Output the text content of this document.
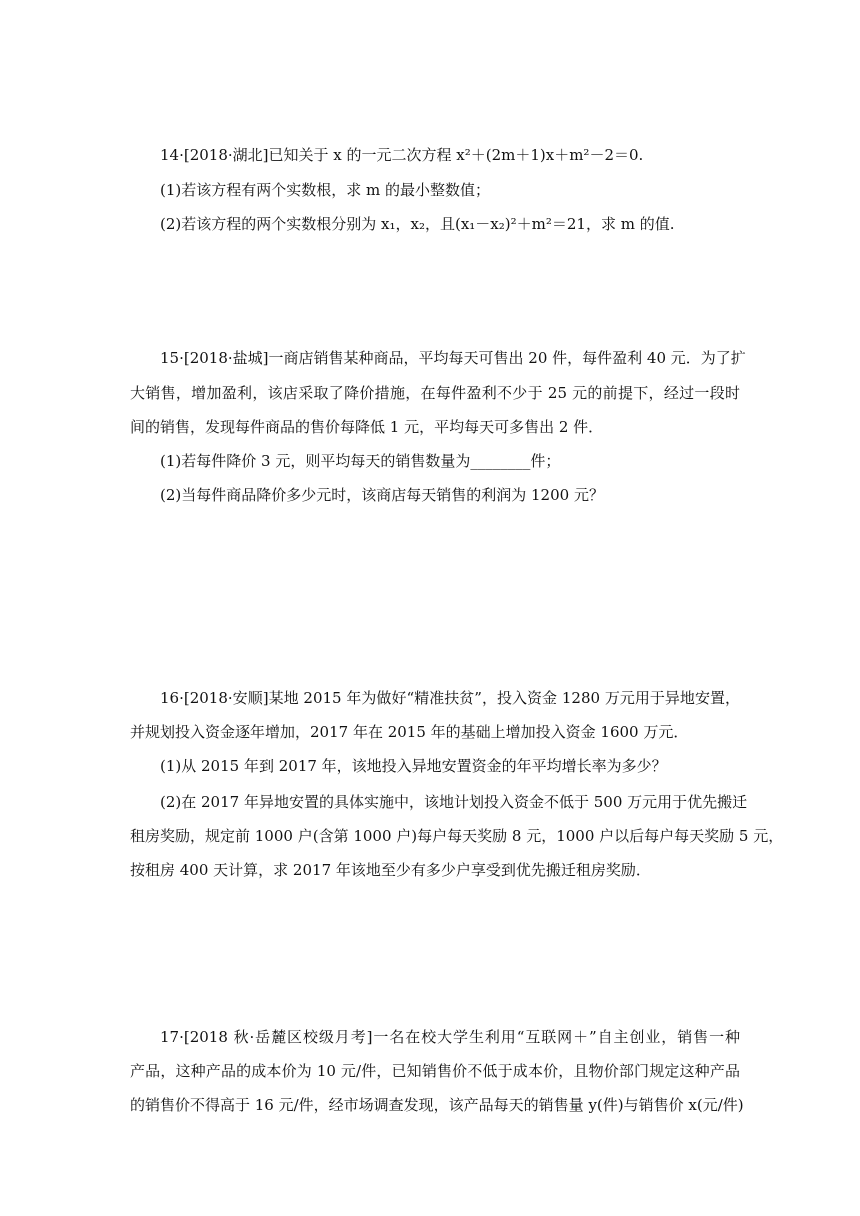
14·[2018·湖北]已知关于 x 的一元二次方程 x²＋(2m＋1)x＋m²－2＝0.
(1)若该方程有两个实数根，求 m 的最小整数值；
(2)若该方程的两个实数根分别为 x₁，x₂，且(x₁－x₂)²＋m²＝21，求 m 的值.
15·[2018·盐城]一商店销售某种商品，平均每天可售出 20 件，每件盈利 40 元．为了扩
大销售，增加盈利，该店采取了降价措施，在每件盈利不少于 25 元的前提下，经过一段时
间的销售，发现每件商品的售价每降低 1 元，平均每天可多售出 2 件．
(1)若每件降价 3 元，则平均每天的销售数量为________件；
(2)当每件商品降价多少元时，该商店每天销售的利润为 1200 元？
16·[2018·安顺]某地 2015 年为做好“精准扶贫”，投入资金 1280 万元用于异地安置，
并规划投入资金逐年增加，2017 年在 2015 年的基础上增加投入资金 1600 万元．
(1)从 2015 年到 2017 年，该地投入异地安置资金的年平均增长率为多少？
(2)在 2017 年异地安置的具体实施中，该地计划投入资金不低于 500 万元用于优先搬迁
租房奖励，规定前 1000 户(含第 1000 户)每户每天奖励 8 元，1000 户以后每户每天奖励 5 元，
按租房 400 天计算，求 2017 年该地至少有多少户享受到优先搬迁租房奖励．
17·[2018 秋·岳麓区校级月考]一名在校大学生利用“互联网＋”自主创业，销售一种
产品，这种产品的成本价为 10 元/件，已知销售价不低于成本价，且物价部门规定这种产品
的销售价不得高于 16 元/件，经市场调查发现，该产品每天的销售量 y(件)与销售价 x(元/件)
